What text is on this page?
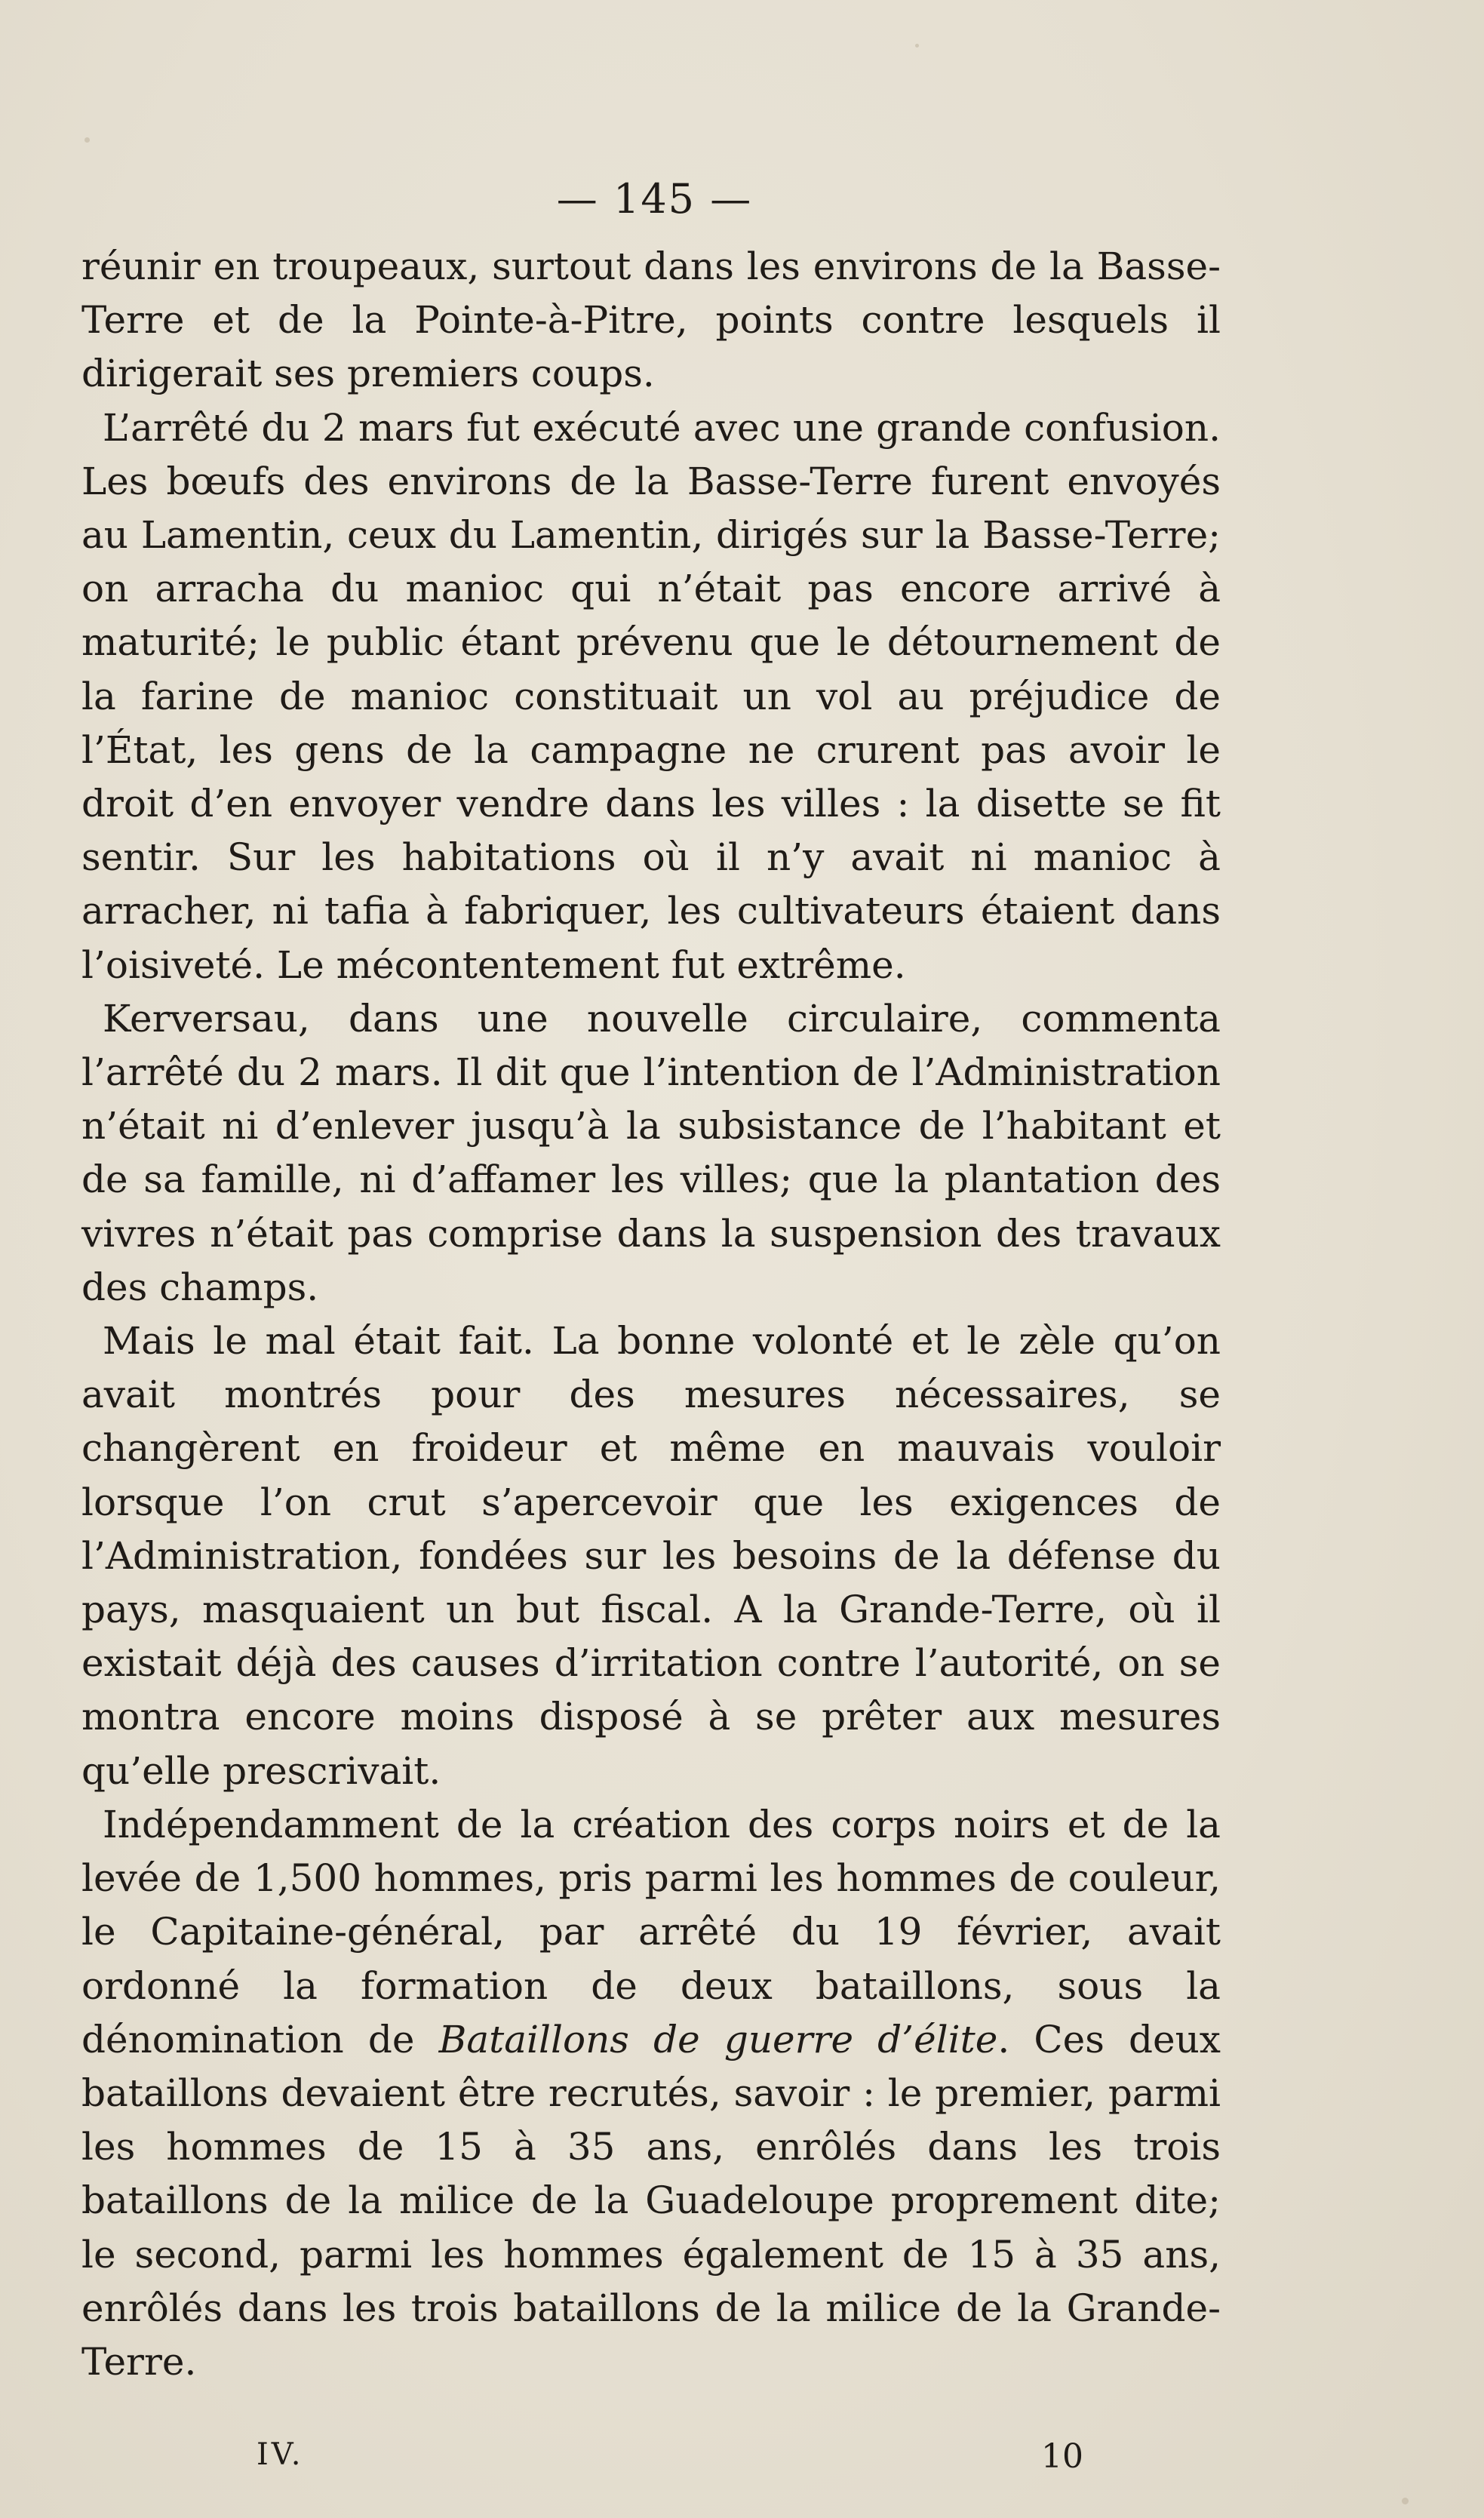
— 145 —

réunir en troupeaux, surtout dans les environs de la Basse-Terre et de la Pointe-à-Pitre, points contre lesquels il dirigerait ses premiers coups.

L’arrêté du 2 mars fut exécuté avec une grande confusion. Les bœufs des environs de la Basse-Terre furent envoyés au Lamentin, ceux du Lamentin, dirigés sur la Basse-Terre; on arracha du manioc qui n’était pas encore arrivé à maturité; le public étant prévenu que le détournement de la farine de manioc constituait un vol au préjudice de l’État, les gens de la campagne ne crurent pas avoir le droit d’en envoyer vendre dans les villes : la disette se fit sentir. Sur les habitations où il n’y avait ni manioc à arracher, ni tafia à fabriquer, les cultivateurs étaient dans l’oisiveté. Le mécontentement fut extrême.

Kerversau, dans une nouvelle circulaire, commenta l’arrêté du 2 mars. Il dit que l’intention de l’Administration n’était ni d’enlever jusqu’à la subsistance de l’habitant et de sa famille, ni d’affamer les villes; que la plantation des vivres n’était pas comprise dans la suspension des travaux des champs.

Mais le mal était fait. La bonne volonté et le zèle qu’on avait montrés pour des mesures nécessaires, se changèrent en froideur et même en mauvais vouloir lorsque l’on crut s’apercevoir que les exigences de l’Administration, fondées sur les besoins de la défense du pays, masquaient un but fiscal. A la Grande-Terre, où il existait déjà des causes d’irritation contre l’autorité, on se montra encore moins disposé à se prêter aux mesures qu’elle prescrivait.

Indépendamment de la création des corps noirs et de la levée de 1,500 hommes, pris parmi les hommes de couleur, le Capitaine-général, par arrêté du 19 février, avait ordonné la formation de deux bataillons, sous la dénomination de Bataillons de guerre d’élite. Ces deux bataillons devaient être recrutés, savoir : le premier, parmi les hommes de 15 à 35 ans, enrôlés dans les trois bataillons de la milice de la Guadeloupe proprement dite; le second, parmi les hommes également de 15 à 35 ans, enrôlés dans les trois bataillons de la milice de la Grande-Terre.

IV.	10
